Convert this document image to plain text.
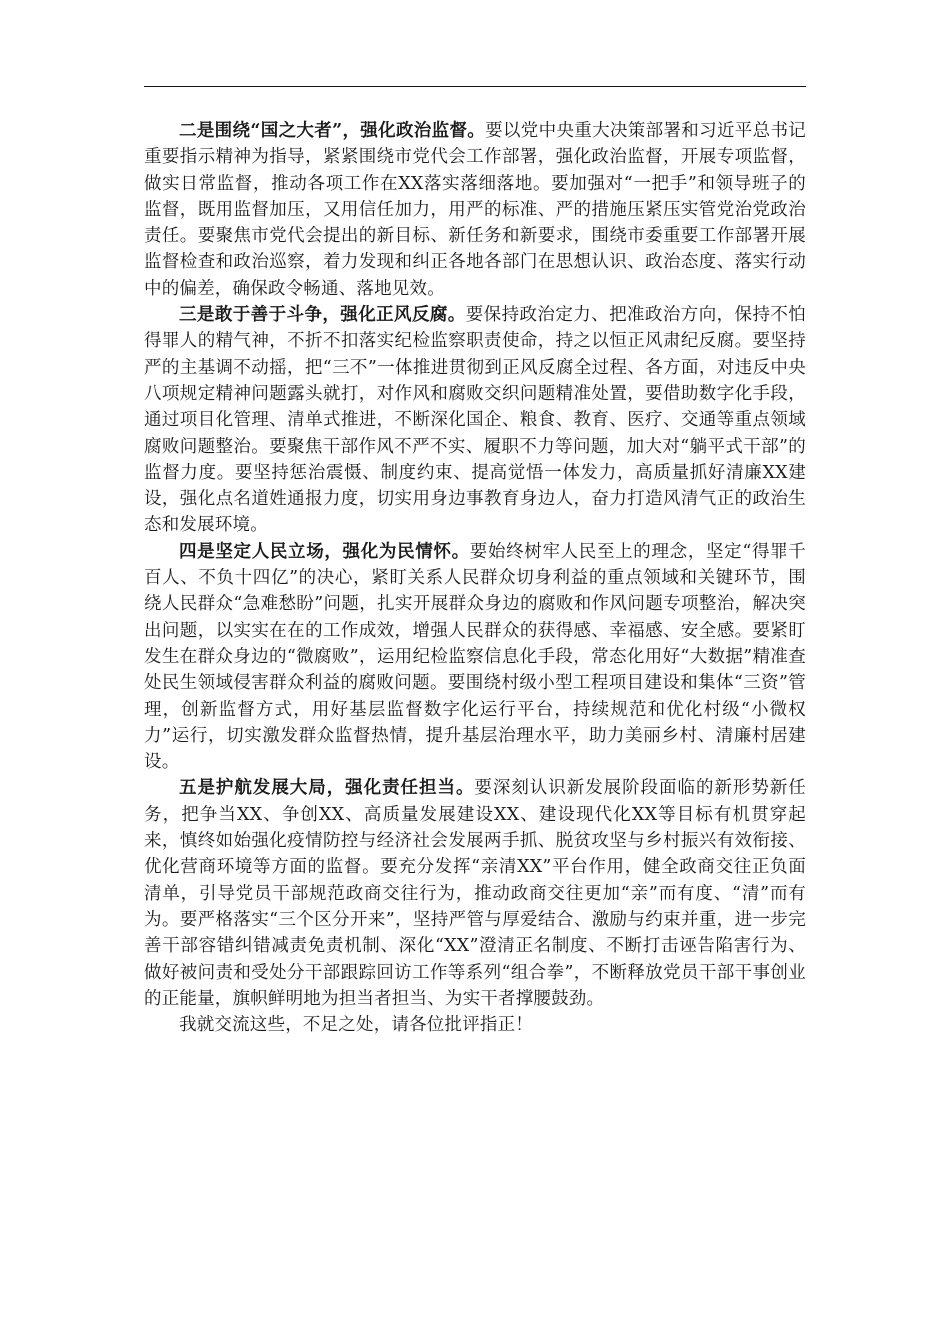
二是围绕“国之大者”，强化政治监督。要以党中央重大决策部署和习近平总书记重要指示精神为指导，紧紧围绕市党代会工作部署，强化政治监督，开展专项监督，做实日常监督，推动各项工作在XX落实落细落地。要加强对“一把手”和领导班子的监督，既用监督加压，又用信任加力，用严的标准、严的措施压紧压实管党治党政治责任。要聚焦市党代会提出的新目标、新任务和新要求，围绕市委重要工作部署开展监督检查和政治巡察，着力发现和纠正各地各部门在思想认识、政治态度、落实行动中的偏差，确保政令畅通、落地见效。

三是敢于善于斗争，强化正风反腐。要保持政治定力、把准政治方向，保持不怕得罪人的精气神，不折不扣落实纪检监察职责使命，持之以恒正风肃纪反腐。要坚持严的主基调不动摇，把“三不”一体推进贯彻到正风反腐全过程、各方面，对违反中央八项规定精神问题露头就打，对作风和腐败交织问题精准处置，要借助数字化手段，通过项目化管理、清单式推进，不断深化国企、粮食、教育、医疗、交通等重点领域腐败问题整治。要聚焦干部作风不严不实、履职不力等问题，加大对“躺平式干部”的监督力度。要坚持惩治震慑、制度约束、提高觉悟一体发力，高质量抓好清廉XX建设，强化点名道姓通报力度，切实用身边事教育身边人，奋力打造风清气正的政治生态和发展环境。

四是坚定人民立场，强化为民情怀。要始终树牢人民至上的理念，坚定“得罪千百人、不负十四亿”的决心，紧盯关系人民群众切身利益的重点领域和关键环节，围绕人民群众“急难愁盼”问题，扎实开展群众身边的腐败和作风问题专项整治，解决突出问题，以实实在在的工作成效，增强人民群众的获得感、幸福感、安全感。要紧盯发生在群众身边的“微腐败”，运用纪检监察信息化手段，常态化用好“大数据”精准查处民生领域侵害群众利益的腐败问题。要围绕村级小型工程项目建设和集体“三资”管理，创新监督方式，用好基层监督数字化运行平台，持续规范和优化村级“小微权力”运行，切实激发群众监督热情，提升基层治理水平，助力美丽乡村、清廉村居建设。

五是护航发展大局，强化责任担当。要深刻认识新发展阶段面临的新形势新任务，把争当XX、争创XX、高质量发展建设XX、建设现代化XX等目标有机贯穿起来，慎终如始强化疫情防控与经济社会发展两手抓、脱贫攻坚与乡村振兴有效衔接、优化营商环境等方面的监督。要充分发挥“亲清XX”平台作用，健全政商交往正负面清单，引导党员干部规范政商交往行为，推动政商交往更加“亲”而有度、“清”而有为。要严格落实“三个区分开来”，坚持严管与厚爱结合、激励与约束并重，进一步完善干部容错纠错减责免责机制、深化“XX”澄清正名制度、不断打击诬告陷害行为、做好被问责和受处分干部跟踪回访工作等系列“组合拳”，不断释放党员干部干事创业的正能量，旗帜鲜明地为担当者担当、为实干者撑腰鼓劲。

我就交流这些，不足之处，请各位批评指正！
